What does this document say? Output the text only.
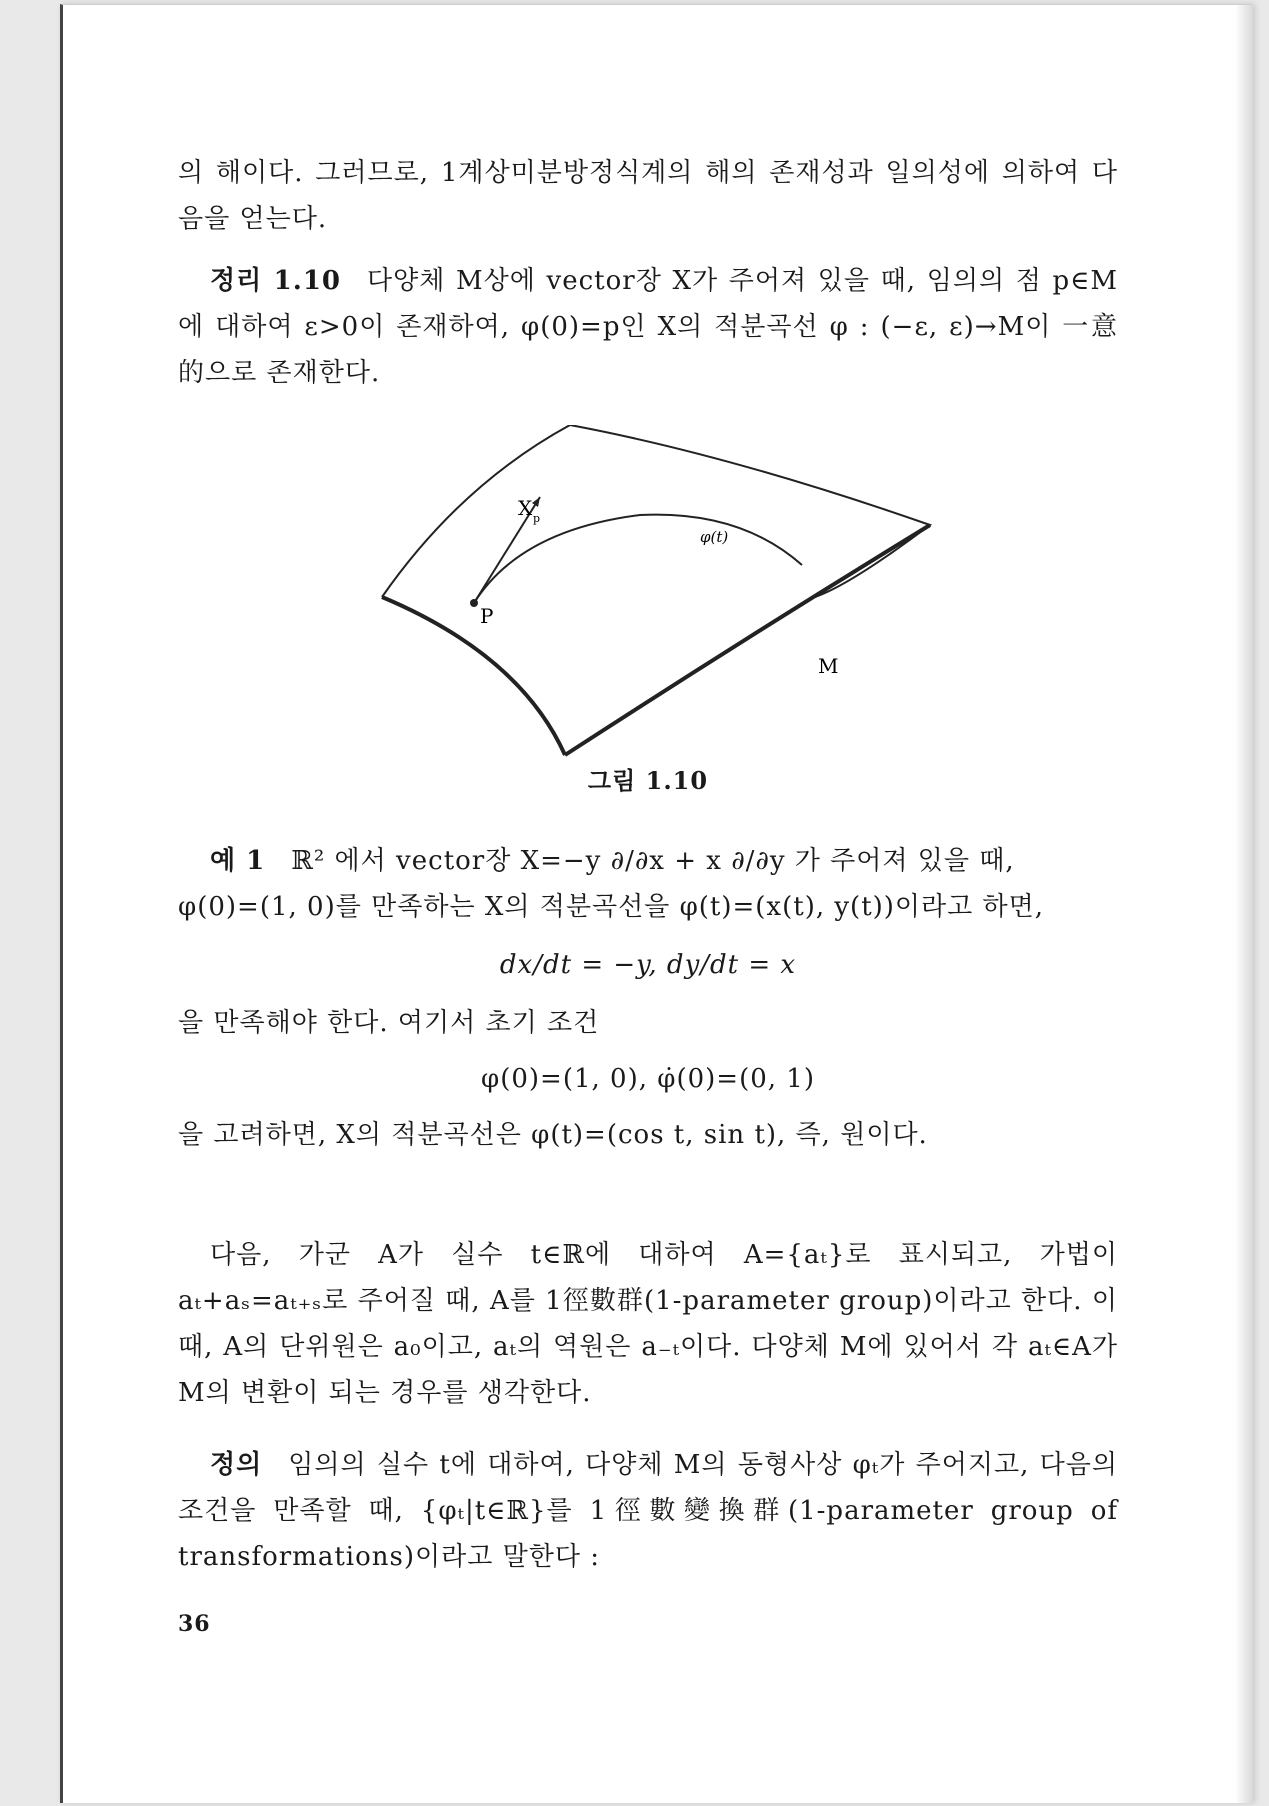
의 해이다. 그러므로, 1계상미분방정식계의 해의 존재성과 일의성에 의하여 다음을 얻는다.

정리 1.10 다양체 M상에 vector장 X가 주어져 있을 때, 임의의 점 p∈M에 대하여 ε>0이 존재하여, φ(0)=p인 X의 적분곡선 φ : (−ε, ε)→M이 一意的으로 존재한다.

X p
φ(t)
P
M
그림 1.10

예 1 ℝ² 에서 vector장 X=−y ∂/∂x + x ∂/∂y 가 주어져 있을 때,

φ(0)=(1, 0)를 만족하는 X의 적분곡선을 φ(t)=(x(t), y(t))이라고 하면,

dx/dt = −y, dy/dt = x

을 만족해야 한다. 여기서 초기 조건

φ(0)=(1, 0), φ̇(0)=(0, 1)

을 고려하면, X의 적분곡선은 φ(t)=(cos t, sin t), 즉, 원이다.

다음, 가군 A가 실수 t∈ℝ에 대하여 A={aₜ}로 표시되고, 가법이 aₜ+aₛ=aₜ₊ₛ로 주어질 때, A를 1徑數群(1-parameter group)이라고 한다. 이때, A의 단위원은 a₀이고, aₜ의 역원은 a₋ₜ이다. 다양체 M에 있어서 각 aₜ∈A가 M의 변환이 되는 경우를 생각한다.

정의 임의의 실수 t에 대하여, 다양체 M의 동형사상 φₜ가 주어지고, 다음의 조건을 만족할 때, {φₜ|t∈ℝ}를 1徑數變換群(1-parameter group of transformations)이라고 말한다 :

36
